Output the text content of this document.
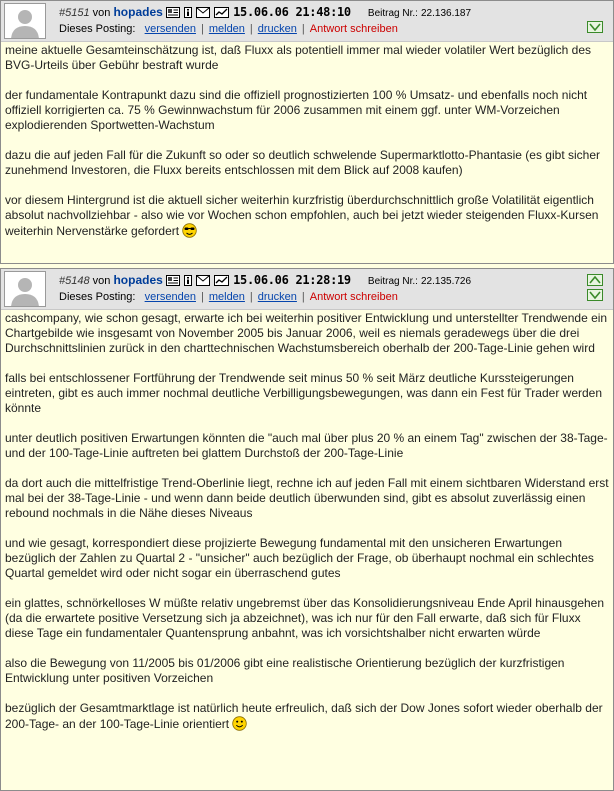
#5151 von hopades	15.06.06 21:48:10 Beitrag Nr.: 22.136.187
Dieses Posting: versenden | melden | drucken | Antwort schreiben

meine aktuelle Gesamteinschätzung ist, daß Fluxx als potentiell immer mal wieder volatiler Wert bezüglich des BVG-Urteils über Gebühr bestraft wurde

der fundamentale Kontrapunkt dazu sind die offiziell prognostizierten 100 % Umsatz- und ebenfalls noch nicht offiziell korrigierten ca. 75 % Gewinnwachstum für 2006 zusammen mit einem ggf. unter WM-Vorzeichen explodierenden Sportwetten-Wachstum

dazu die auf jeden Fall für die Zukunft so oder so deutlich schwelende Supermarktlotto-Phantasie (es gibt sicher zunehmend Investoren, die Fluxx bereits entschlossen mit dem Blick auf 2008 kaufen)

vor diesem Hintergrund ist die aktuell sicher weiterhin kurzfristig überdurchschnittlich große Volatilität eigentlich absolut nachvollziehbar - also wie vor Wochen schon empfohlen, auch bei jetzt wieder steigenden Fluxx-Kursen weiterhin Nervenstärke gefordert

#5148 von hopades	15.06.06 21:28:19 Beitrag Nr.: 22.135.726
Dieses Posting: versenden | melden | drucken | Antwort schreiben

cashcompany, wie schon gesagt, erwarte ich bei weiterhin positiver Entwicklung und unterstellter Trendwende ein Chartgebilde wie insgesamt von November 2005 bis Januar 2006, weil es niemals geradewegs über die drei Durchschnittslinien zurück in den charttechnischen Wachstumsbereich oberhalb der 200-Tage-Linie gehen wird

falls bei entschlossener Fortführung der Trendwende seit minus 50 % seit März deutliche Kurssteigerungen eintreten, gibt es auch immer nochmal deutliche Verbilligungsbewegungen, was dann ein Fest für Trader werden könnte

unter deutlich positiven Erwartungen könnten die "auch mal über plus 20 % an einem Tag" zwischen der 38-Tage- und der 100-Tage-Linie auftreten bei glattem Durchstoß der 200-Tage-Linie

da dort auch die mittelfristige Trend-Oberlinie liegt, rechne ich auf jeden Fall mit einem sichtbaren Widerstand erst mal bei der 38-Tage-Linie - und wenn dann beide deutlich überwunden sind, gibt es absolut zuverlässig einen rebound nochmals in die Nähe dieses Niveaus

und wie gesagt, korrespondiert diese projizierte Bewegung fundamental mit den unsicheren Erwartungen bezüglich der Zahlen zu Quartal 2 - "unsicher" auch bezüglich der Frage, ob überhaupt nochmal ein schlechtes Quartal gemeldet wird oder nicht sogar ein überraschend gutes

ein glattes, schnörkelloses W müßte relativ ungebremst über das Konsolidierungsniveau Ende April hinausgehen (da die erwartete positive Versetzung sich ja abzeichnet), was ich nur für den Fall erwarte, daß sich für Fluxx diese Tage ein fundamentaler Quantensprung anbahnt, was ich vorsichtshalber nicht erwarten würde

also die Bewegung von 11/2005 bis 01/2006 gibt eine realistische Orientierung bezüglich der kurzfristigen Entwicklung unter positiven Vorzeichen

bezüglich der Gesamtmarktlage ist natürlich heute erfreulich, daß sich der Dow Jones sofort wieder oberhalb der 200-Tage- an der 100-Tage-Linie orientiert
